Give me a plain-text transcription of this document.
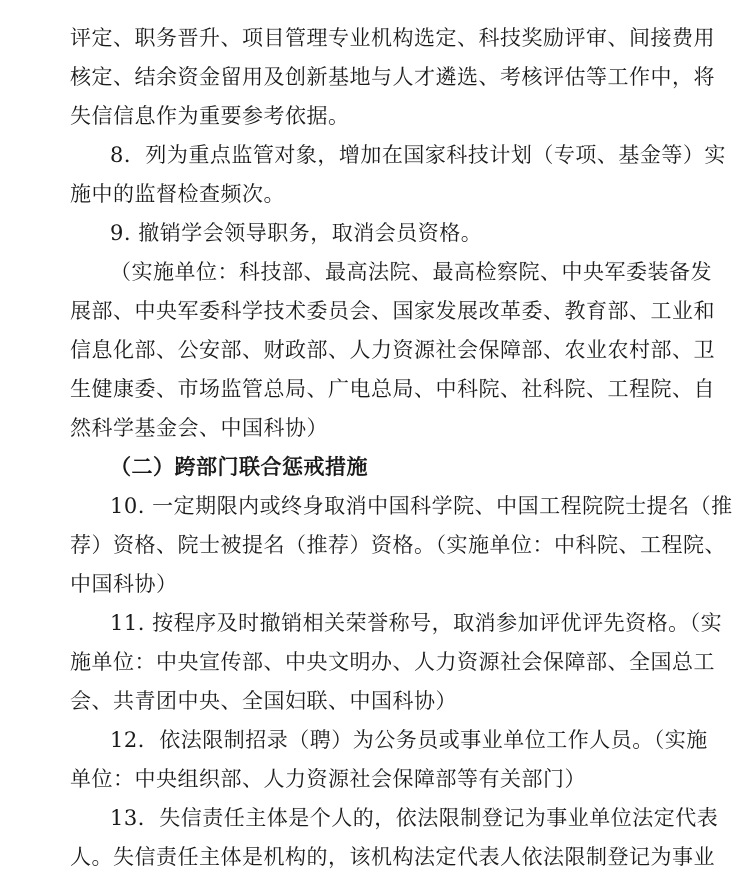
评定、职务晋升、项目管理专业机构选定、科技奖励评审、间接费用
核定、结余资金留用及创新基地与人才遴选、考核评估等工作中，将
失信信息作为重要参考依据。
8．列为重点监管对象，增加在国家科技计划（专项、基金等）实
施中的监督检查频次。
9. 撤销学会领导职务，取消会员资格。
（实施单位：科技部、最高法院、最高检察院、中央军委装备发
展部、中央军委科学技术委员会、国家发展改革委、教育部、工业和
信息化部、公安部、财政部、人力资源社会保障部、农业农村部、卫
生健康委、市场监管总局、广电总局、中科院、社科院、工程院、自
然科学基金会、中国科协）
（二）跨部门联合惩戒措施
10. 一定期限内或终身取消中国科学院、中国工程院院士提名（推
荐）资格、院士被提名（推荐）资格。（实施单位：中科院、工程院、
中国科协）
11. 按程序及时撤销相关荣誉称号，取消参加评优评先资格。（实
施单位：中央宣传部、中央文明办、人力资源社会保障部、全国总工
会、共青团中央、全国妇联、中国科协）
12．依法限制招录（聘）为公务员或事业单位工作人员。（实施
单位：中央组织部、人力资源社会保障部等有关部门）
13．失信责任主体是个人的，依法限制登记为事业单位法定代表
人。失信责任主体是机构的，该机构法定代表人依法限制登记为事业
